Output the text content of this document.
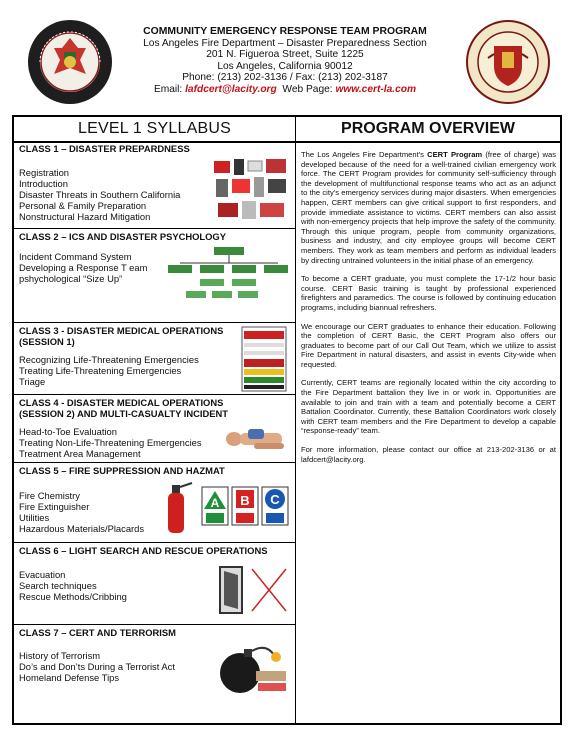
COMMUNITY EMERGENCY RESPONSE TEAM PROGRAM
Los Angeles Fire Department – Disaster Preparedness Section
201 N. Figueroa Street, Suite 1225
Los Angeles, California 90012
Phone: (213) 202-3136 / Fax: (213) 202-3187
Email: lafdcert@lacity.org  Web Page: www.cert-la.com
LEVEL 1 SYLLABUS
CLASS 1 – DISASTER PREPARDNESS
Registration
Introduction
Disaster Threats in Southern California
Personal & Family Preparation
Nonstructural Hazard Mitigation
CLASS 2 – ICS AND DISASTER PSYCHOLOGY
Incident Command System
Developing a Response T eam
pshychological “Size Up”
CLASS 3 - DISASTER MEDICAL OPERATIONS
(SESSION 1)
Recognizing Life-Threatening Emergencies
Treating Life-Threatening Emergencies
Triage
CLASS 4 - DISASTER MEDICAL OPERATIONS
(SESSION 2) AND MULTI-CASUALTY INCIDENT
Head-to-Toe Evaluation
Treating Non-Life-Threatening Emergencies
Treatment Area Management
CLASS 5 – FIRE SUPPRESSION AND HAZMAT
Fire Chemistry
Fire Extinguisher
Utilities
Hazardous Materials/Placards
A B C
CLASS 6 – LIGHT SEARCH AND RESCUE OPERATIONS
Evacuation
Search techniques
Rescue Methods/Cribbing
CLASS 7 – CERT AND TERRORISM
History of Terrorism
Do’s and Don’ts During a Terrorist Act
Homeland Defense Tips
PROGRAM OVERVIEW

The Los Angeles Fire Department's CERT Program (free of charge) was developed because of the need for a well-trained civilian emergency work force. The CERT Program provides for community self-sufficiency through the development of multifunctional response teams who act as an adjunct to the city's emergency services during major disasters. When emergencies happen, CERT members can give critical support to first responders, and provide immediate assistance to victims. CERT members can also assist with non-emergency projects that help improve the safety of the community. Through this unique program, people from community organizations, business and industry, and city employee groups will become CERT members. They work as team members and perform as individual leaders by directing untrained volunteers in the initial phase of an emergency.

To become a CERT graduate, you must complete the 17-1/2 hour basic course. CERT Basic training is taught by professional experienced firefighters and paramedics. The course is followed by continuing education programs, including biannual refreshers.

We encourage our CERT graduates to enhance their education. Following the completion of CERT Basic, the CERT Program also offers our graduates to become part of our Call Out Team, which we utilize to assist Fire Department in natural disasters, and assist in events City-wide when requested.

Currently, CERT teams are regionally located within the city according to the Fire Department battalion they live in or work in. Opportunities are available to join and train with a team and potentially become a CERT Battalion Coordinator. Currently, these Battalion Coordinators work closely with CERT team members and the Fire Department to develop a capable “response-ready” team.

For more information, please contact our office at 213-202-3136 or at lafdcert@lacity.org.
